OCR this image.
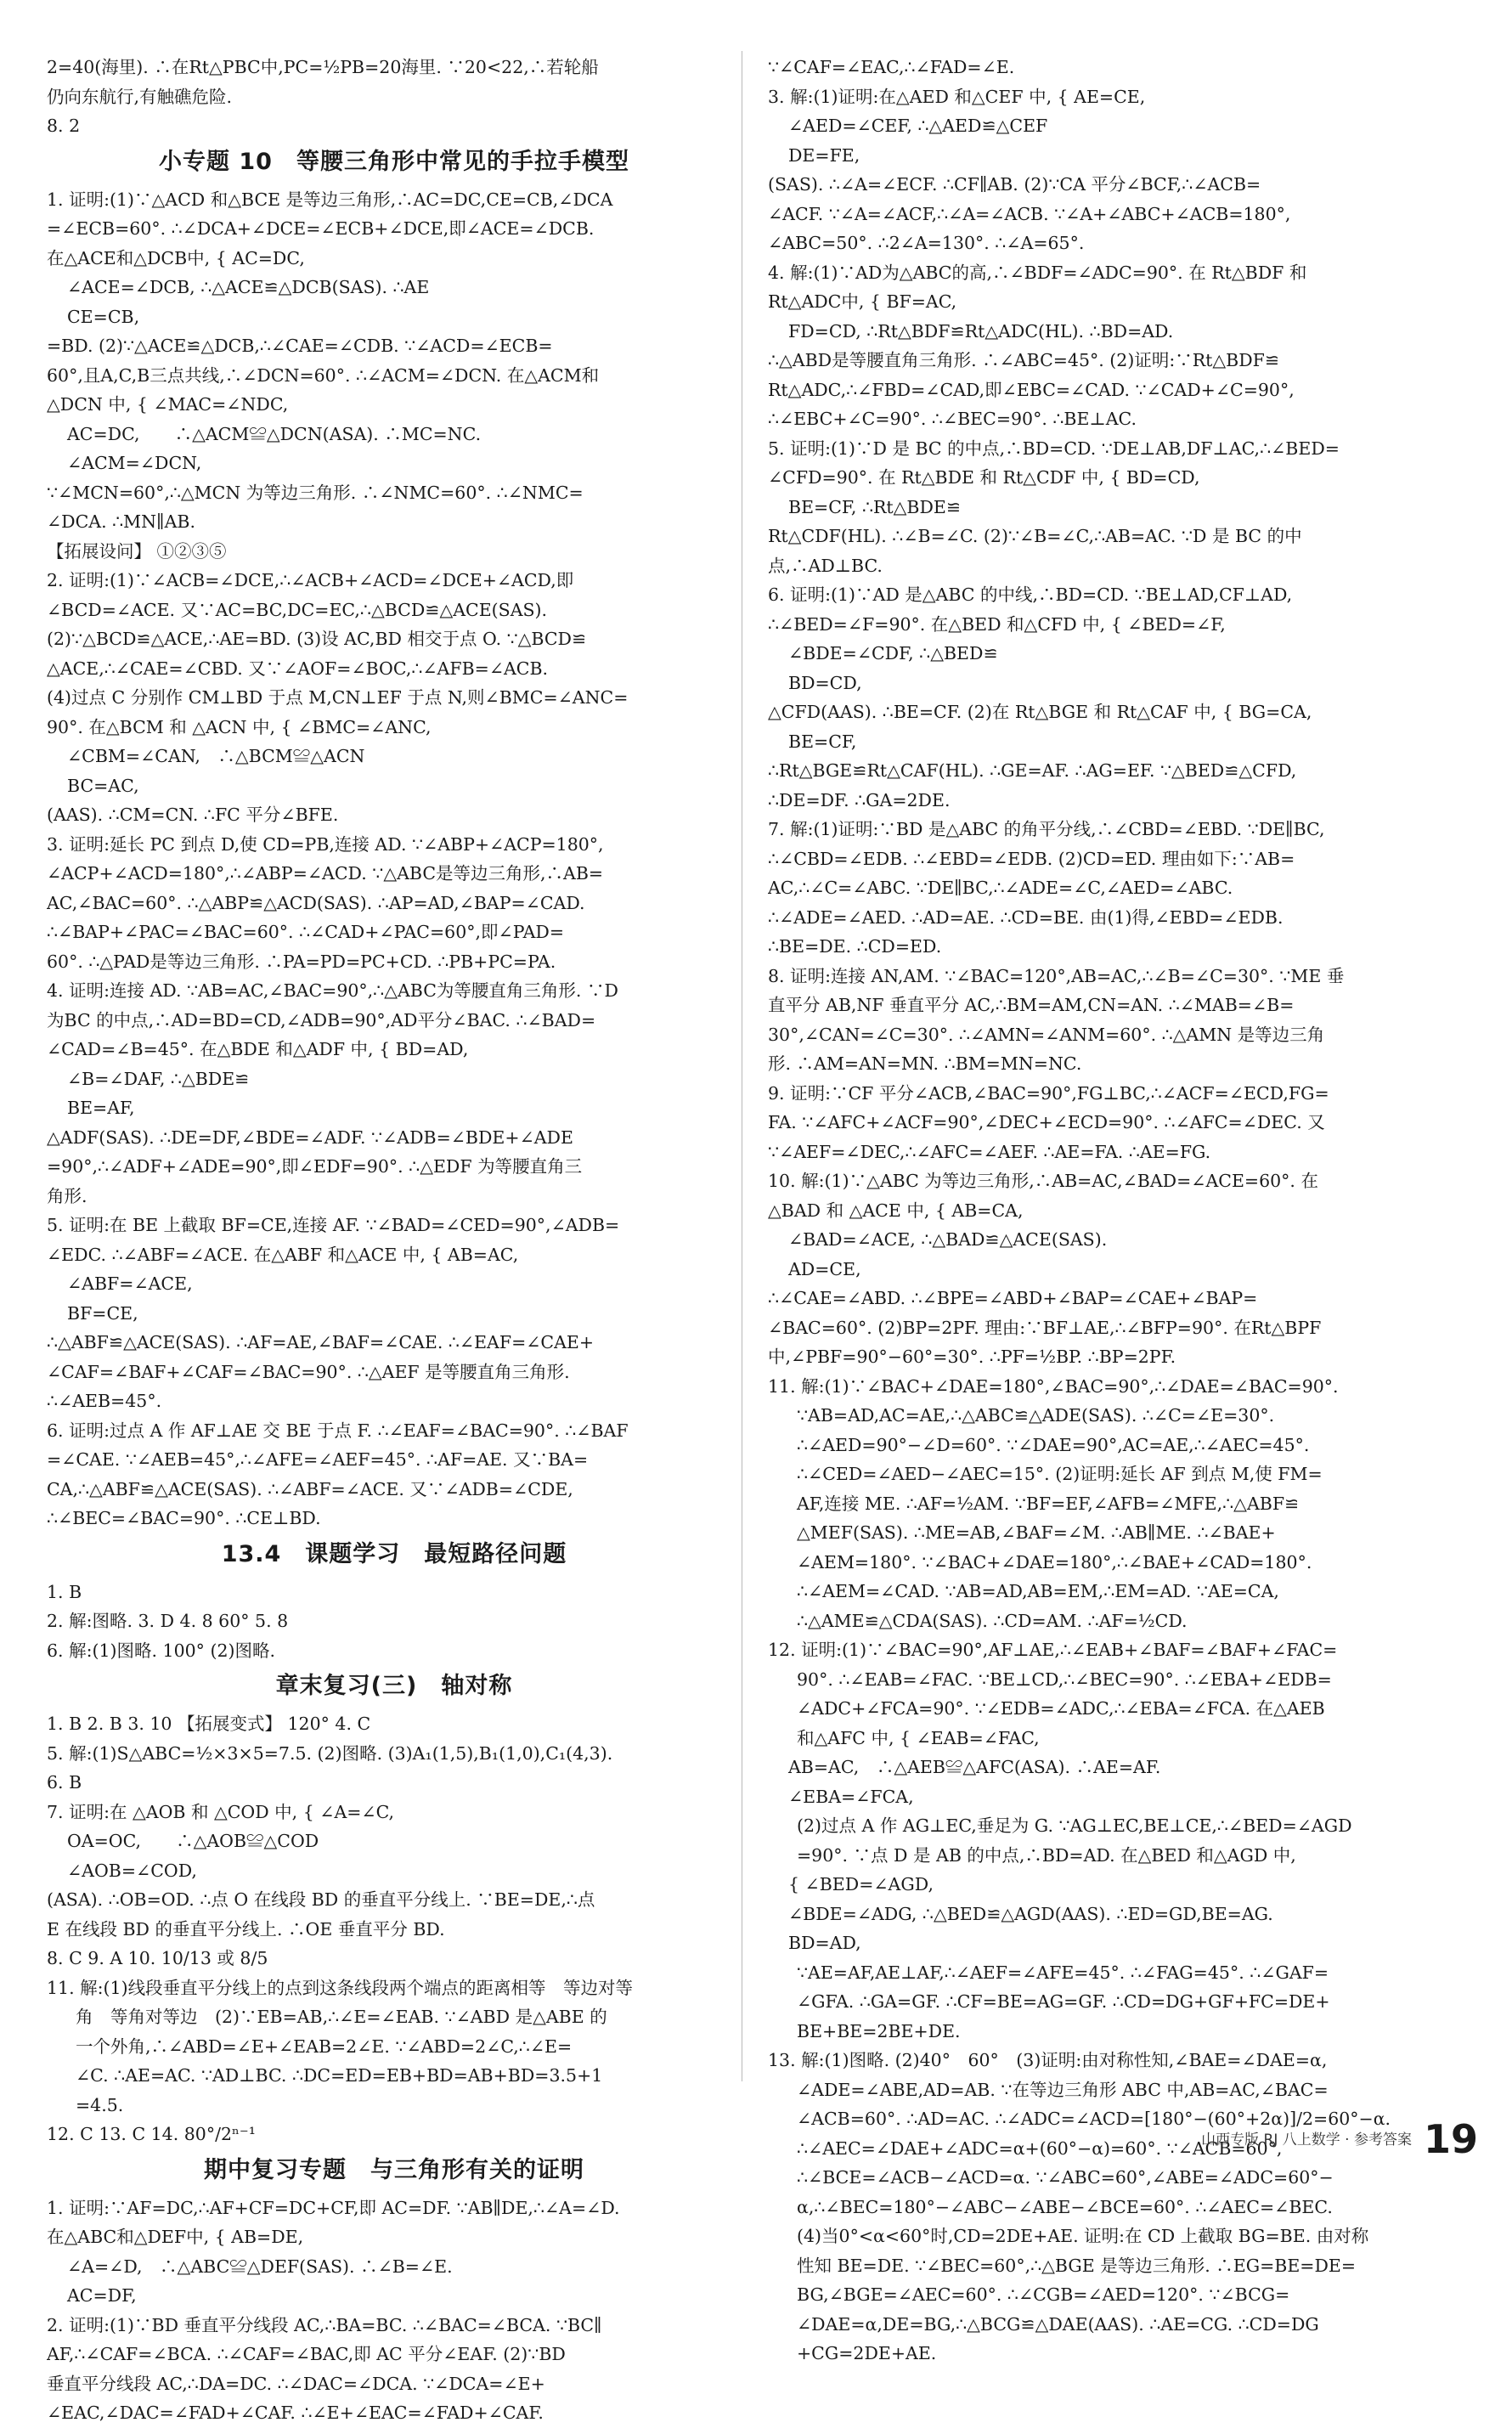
2=40(海里). ∴在Rt△PBC中,PC=½PB=20海里. ∵20<22,∴若轮船
仍向东航行,有触礁危险.
8. 2
小专题 10　等腰三角形中常见的手拉手模型
1. 证明:(1)∵△ACD 和△BCE 是等边三角形,∴AC=DC,CE=CB,∠DCA
=∠ECB=60°. ∴∠DCA+∠DCE=∠ECB+∠DCE,即∠ACE=∠DCB.
在△ACE和△DCB中, { AC=DC,
∠ACE=∠DCB, ∴△ACE≌△DCB(SAS). ∴AE
CE=CB,
=BD. (2)∵△ACE≌△DCB,∴∠CAE=∠CDB. ∵∠ACD=∠ECB=
60°,且A,C,B三点共线,∴∠DCN=60°. ∴∠ACM=∠DCN. 在△ACM和
△DCN 中, { ∠MAC=∠NDC,
AC=DC,　　∴△ACM≌△DCN(ASA). ∴MC=NC.
∠ACM=∠DCN,
∵∠MCN=60°,∴△MCN 为等边三角形. ∴∠NMC=60°. ∴∠NMC=
∠DCA. ∴MN∥AB.
【拓展设问】 ①②③⑤
2. 证明:(1)∵∠ACB=∠DCE,∴∠ACB+∠ACD=∠DCE+∠ACD,即
∠BCD=∠ACE. 又∵AC=BC,DC=EC,∴△BCD≌△ACE(SAS).
(2)∵△BCD≌△ACE,∴AE=BD. (3)设 AC,BD 相交于点 O. ∵△BCD≌
△ACE,∴∠CAE=∠CBD. 又∵∠AOF=∠BOC,∴∠AFB=∠ACB.
(4)过点 C 分别作 CM⊥BD 于点 M,CN⊥EF 于点 N,则∠BMC=∠ANC=
90°. 在△BCM 和 △ACN 中, { ∠BMC=∠ANC,
∠CBM=∠CAN,　∴△BCM≌△ACN
BC=AC,
(AAS). ∴CM=CN. ∴FC 平分∠BFE.
3. 证明:延长 PC 到点 D,使 CD=PB,连接 AD. ∵∠ABP+∠ACP=180°,
∠ACP+∠ACD=180°,∴∠ABP=∠ACD. ∵△ABC是等边三角形,∴AB=
AC,∠BAC=60°. ∴△ABP≌△ACD(SAS). ∴AP=AD,∠BAP=∠CAD.
∴∠BAP+∠PAC=∠BAC=60°. ∴∠CAD+∠PAC=60°,即∠PAD=
60°. ∴△PAD是等边三角形. ∴PA=PD=PC+CD. ∴PB+PC=PA.
4. 证明:连接 AD. ∵AB=AC,∠BAC=90°,∴△ABC为等腰直角三角形. ∵D
为BC 的中点,∴AD=BD=CD,∠ADB=90°,AD平分∠BAC. ∴∠BAD=
∠CAD=∠B=45°. 在△BDE 和△ADF 中, { BD=AD,
∠B=∠DAF, ∴△BDE≌
BE=AF,
△ADF(SAS). ∴DE=DF,∠BDE=∠ADF. ∵∠ADB=∠BDE+∠ADE
=90°,∴∠ADF+∠ADE=90°,即∠EDF=90°. ∴△EDF 为等腰直角三
角形.
5. 证明:在 BE 上截取 BF=CE,连接 AF. ∵∠BAD=∠CED=90°,∠ADB=
∠EDC. ∴∠ABF=∠ACE. 在△ABF 和△ACE 中, { AB=AC,
∠ABF=∠ACE,
BF=CE,
∴△ABF≌△ACE(SAS). ∴AF=AE,∠BAF=∠CAE. ∴∠EAF=∠CAE+
∠CAF=∠BAF+∠CAF=∠BAC=90°. ∴△AEF 是等腰直角三角形.
∴∠AEB=45°.
6. 证明:过点 A 作 AF⊥AE 交 BE 于点 F. ∴∠EAF=∠BAC=90°. ∴∠BAF
=∠CAE. ∵∠AEB=45°,∴∠AFE=∠AEF=45°. ∴AF=AE. 又∵BA=
CA,∴△ABF≌△ACE(SAS). ∴∠ABF=∠ACE. 又∵∠ADB=∠CDE,
∴∠BEC=∠BAC=90°. ∴CE⊥BD.
13.4　课题学习　最短路径问题
1. B
2. 解:图略. 3. D 4. 8 60° 5. 8
6. 解:(1)图略. 100° (2)图略.
章末复习(三)　轴对称
1. B 2. B 3. 10 【拓展变式】 120° 4. C
5. 解:(1)S△ABC=½×3×5=7.5. (2)图略. (3)A₁(1,5),B₁(1,0),C₁(4,3).
6. B
7. 证明:在 △AOB 和 △COD 中, { ∠A=∠C,
OA=OC,　　∴△AOB≌△COD
∠AOB=∠COD,
(ASA). ∴OB=OD. ∴点 O 在线段 BD 的垂直平分线上. ∵BE=DE,∴点
E 在线段 BD 的垂直平分线上. ∴OE 垂直平分 BD.
8. C 9. A 10. 10/13 或 8/5
11. 解:(1)线段垂直平分线上的点到这条线段两个端点的距离相等　等边对等
角　等角对等边　(2)∵EB=AB,∴∠E=∠EAB. ∵∠ABD 是△ABE 的
一个外角,∴∠ABD=∠E+∠EAB=2∠E. ∵∠ABD=2∠C,∴∠E=
∠C. ∴AE=AC. ∵AD⊥BC. ∴DC=ED=EB+BD=AB+BD=3.5+1
=4.5.
12. C 13. C 14. 80°/2ⁿ⁻¹
期中复习专题　与三角形有关的证明
1. 证明:∵AF=DC,∴AF+CF=DC+CF,即 AC=DF. ∵AB∥DE,∴∠A=∠D.
在△ABC和△DEF中, { AB=DE,
∠A=∠D,　∴△ABC≌△DEF(SAS). ∴∠B=∠E.
AC=DF,
2. 证明:(1)∵BD 垂直平分线段 AC,∴BA=BC. ∴∠BAC=∠BCA. ∵BC∥
AF,∴∠CAF=∠BCA. ∴∠CAF=∠BAC,即 AC 平分∠EAF. (2)∵BD
垂直平分线段 AC,∴DA=DC. ∴∠DAC=∠DCA. ∵∠DCA=∠E+
∠EAC,∠DAC=∠FAD+∠CAF. ∴∠E+∠EAC=∠FAD+∠CAF.
∵∠CAF=∠EAC,∴∠FAD=∠E.
3. 解:(1)证明:在△AED 和△CEF 中, { AE=CE,
∠AED=∠CEF, ∴△AED≌△CEF
DE=FE,
(SAS). ∴∠A=∠ECF. ∴CF∥AB. (2)∵CA 平分∠BCF,∴∠ACB=
∠ACF. ∵∠A=∠ACF,∴∠A=∠ACB. ∵∠A+∠ABC+∠ACB=180°,
∠ABC=50°. ∴2∠A=130°. ∴∠A=65°.
4. 解:(1)∵AD为△ABC的高,∴∠BDF=∠ADC=90°. 在 Rt△BDF 和
Rt△ADC中, { BF=AC,
FD=CD, ∴Rt△BDF≌Rt△ADC(HL). ∴BD=AD.
∴△ABD是等腰直角三角形. ∴∠ABC=45°. (2)证明:∵Rt△BDF≌
Rt△ADC,∴∠FBD=∠CAD,即∠EBC=∠CAD. ∵∠CAD+∠C=90°,
∴∠EBC+∠C=90°. ∴∠BEC=90°. ∴BE⊥AC.
5. 证明:(1)∵D 是 BC 的中点,∴BD=CD. ∵DE⊥AB,DF⊥AC,∴∠BED=
∠CFD=90°. 在 Rt△BDE 和 Rt△CDF 中, { BD=CD,
BE=CF, ∴Rt△BDE≌
Rt△CDF(HL). ∴∠B=∠C. (2)∵∠B=∠C,∴AB=AC. ∵D 是 BC 的中
点,∴AD⊥BC.
6. 证明:(1)∵AD 是△ABC 的中线,∴BD=CD. ∵BE⊥AD,CF⊥AD,
∴∠BED=∠F=90°. 在△BED 和△CFD 中, { ∠BED=∠F,
∠BDE=∠CDF, ∴△BED≌
BD=CD,
△CFD(AAS). ∴BE=CF. (2)在 Rt△BGE 和 Rt△CAF 中, { BG=CA,
BE=CF,
∴Rt△BGE≌Rt△CAF(HL). ∴GE=AF. ∴AG=EF. ∵△BED≌△CFD,
∴DE=DF. ∴GA=2DE.
7. 解:(1)证明:∵BD 是△ABC 的角平分线,∴∠CBD=∠EBD. ∵DE∥BC,
∴∠CBD=∠EDB. ∴∠EBD=∠EDB. (2)CD=ED. 理由如下:∵AB=
AC,∴∠C=∠ABC. ∵DE∥BC,∴∠ADE=∠C,∠AED=∠ABC.
∴∠ADE=∠AED. ∴AD=AE. ∴CD=BE. 由(1)得,∠EBD=∠EDB.
∴BE=DE. ∴CD=ED.
8. 证明:连接 AN,AM. ∵∠BAC=120°,AB=AC,∴∠B=∠C=30°. ∵ME 垂
直平分 AB,NF 垂直平分 AC,∴BM=AM,CN=AN. ∴∠MAB=∠B=
30°,∠CAN=∠C=30°. ∴∠AMN=∠ANM=60°. ∴△AMN 是等边三角
形. ∴AM=AN=MN. ∴BM=MN=NC.
9. 证明:∵CF 平分∠ACB,∠BAC=90°,FG⊥BC,∴∠ACF=∠ECD,FG=
FA. ∵∠AFC+∠ACF=90°,∠DEC+∠ECD=90°. ∴∠AFC=∠DEC. 又
∵∠AEF=∠DEC,∴∠AFC=∠AEF. ∴AE=FA. ∴AE=FG.
10. 解:(1)∵△ABC 为等边三角形,∴AB=AC,∠BAD=∠ACE=60°. 在
△BAD 和 △ACE 中, { AB=CA,
∠BAD=∠ACE, ∴△BAD≌△ACE(SAS).
AD=CE,
∴∠CAE=∠ABD. ∴∠BPE=∠ABD+∠BAP=∠CAE+∠BAP=
∠BAC=60°. (2)BP=2PF. 理由:∵BF⊥AE,∴∠BFP=90°. 在Rt△BPF
中,∠PBF=90°−60°=30°. ∴PF=½BP. ∴BP=2PF.
11. 解:(1)∵∠BAC+∠DAE=180°,∠BAC=90°,∴∠DAE=∠BAC=90°.
∵AB=AD,AC=AE,∴△ABC≌△ADE(SAS). ∴∠C=∠E=30°.
∴∠AED=90°−∠D=60°. ∵∠DAE=90°,AC=AE,∴∠AEC=45°.
∴∠CED=∠AED−∠AEC=15°. (2)证明:延长 AF 到点 M,使 FM=
AF,连接 ME. ∴AF=½AM. ∵BF=EF,∠AFB=∠MFE,∴△ABF≌
△MEF(SAS). ∴ME=AB,∠BAF=∠M. ∴AB∥ME. ∴∠BAE+
∠AEM=180°. ∵∠BAC+∠DAE=180°,∴∠BAE+∠CAD=180°.
∴∠AEM=∠CAD. ∵AB=AD,AB=EM,∴EM=AD. ∵AE=CA,
∴△AME≌△CDA(SAS). ∴CD=AM. ∴AF=½CD.
12. 证明:(1)∵∠BAC=90°,AF⊥AE,∴∠EAB+∠BAF=∠BAF+∠FAC=
90°. ∴∠EAB=∠FAC. ∵BE⊥CD,∴∠BEC=90°. ∴∠EBA+∠EDB=
∠ADC+∠FCA=90°. ∵∠EDB=∠ADC,∴∠EBA=∠FCA. 在△AEB
和△AFC 中, { ∠EAB=∠FAC,
AB=AC,　∴△AEB≌△AFC(ASA). ∴AE=AF.
∠EBA=∠FCA,
(2)过点 A 作 AG⊥EC,垂足为 G. ∵AG⊥EC,BE⊥CE,∴∠BED=∠AGD
=90°. ∵点 D 是 AB 的中点,∴BD=AD. 在△BED 和△AGD 中,
{ ∠BED=∠AGD,
∠BDE=∠ADG, ∴△BED≌△AGD(AAS). ∴ED=GD,BE=AG.
BD=AD,
∵AE=AF,AE⊥AF,∴∠AEF=∠AFE=45°. ∴∠FAG=45°. ∴∠GAF=
∠GFA. ∴GA=GF. ∴CF=BE=AG=GF. ∴CD=DG+GF+FC=DE+
BE+BE=2BE+DE.
13. 解:(1)图略. (2)40°　60°　(3)证明:由对称性知,∠BAE=∠DAE=α,
∠ADE=∠ABE,AD=AB. ∵在等边三角形 ABC 中,AB=AC,∠BAC=
∠ACB=60°. ∴AD=AC. ∴∠ADC=∠ACD=[180°−(60°+2α)]/2=60°−α.
∴∠AEC=∠DAE+∠ADC=α+(60°−α)=60°. ∵∠ACB=60°,
∴∠BCE=∠ACB−∠ACD=α. ∵∠ABC=60°,∠ABE=∠ADC=60°−
α,∴∠BEC=180°−∠ABC−∠ABE−∠BCE=60°. ∴∠AEC=∠BEC.
(4)当0°<α<60°时,CD=2DE+AE. 证明:在 CD 上截取 BG=BE. 由对称
性知 BE=DE. ∵∠BEC=60°,∴△BGE 是等边三角形. ∴EG=BE=DE=
BG,∠BGE=∠AEC=60°. ∴∠CGB=∠AED=120°. ∵∠BCG=
∠DAE=α,DE=BG,∴△BCG≌△DAE(AAS). ∴AE=CG. ∴CD=DG
+CG=2DE+AE.
山西专版 RJ 八上数学 · 参考答案 19
